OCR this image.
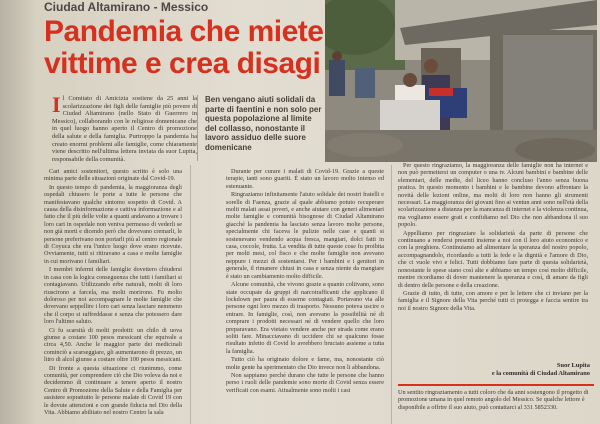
Ciudad Altamirano - Messico
Pandemia che miete vittime e crea disagi
I l Comitato di Amicizia sostiene da 25 anni la scolarizzazione dei figli delle famiglie più povere di Ciudad Altamirano (nello Stato di Guerrero in Messico), collaborando con le religiose domenicane che in quel luogo hanno aperto il Centro di promozione della salute e della famiglia. Purtroppo la pandemia ha creato enormi problemi alle famiglie, come chiaramente viene descritto nell'ultima lettera inviata da suor Lupita, responsabile della comunità.
Ben vengano aiuti solidali da parte di faentini e non solo per questa popolazione al limite del collasso, nonostante il lavoro assiduo delle suore domenicane

Cari amici sostenitori, questo scritto è solo una minima parte delle situazioni originate dal Covid-19.

In questo tempo di pandemia, la maggioranza degli ospedali chiusero le porte a tutte le persone che manifestavano qualche sintomo sospetto di Covid. A causa della disinformazione e cattiva informazione e al fatto che il più delle volte a quanti andavano a trovare i loro cari in ospedale non veniva permesso di vederli se non già morti e dicendo però che dovevano cremarli, le persone preferivano non portarli più al centro regionale di Coyuca che era l'unico luogo dove erano ricevute. Ovviamente, tutti si ritiravano a casa e molte famiglie in cui morivano i familiari.

I membri infermi delle famiglie dovettero chiudersi in casa con la logica conseguenza che tutti i familiari si contagiavano. Utilizzando erbe naturali, molti di loro riuscirono a farcela, ma molti morirono. Fu molto doloroso per noi accompagnare le molte famiglie che dovevano seppellire i loro cari senza lasciare nemmeno che il corpo si raffreddasse e senza che potessero dare loro l'ultimo saluto.

Ci fu scarsità di molti prodotti: un chilo di uova giunse a costare 100 pesos messicani che equivale a circa 4,50. Anche le maggior parte dei medicinali cominciò a scarseggiare, gli aumentarono di prezzo, un litro di alcol giunse a costare oltre 100 pesos messicani.

Di fronte a questa situazione ci riunimmo, come comunità, per comprendere ciò che Dio voleva da noi e decidemmo di continuare a tenere aperto il nostro Centro di Promozione della Salute e della Famiglia per assistere soprattutto le persone malate di Covid 19 con le dovute attenzioni e con grande fiducia nel Dio della Vita. Abbiamo abilitato nel nostro Centro la sala

Durante per curare i malati di Covid-19. Grazie a queste terapie, tanti sono guariti. È stato un lavoro molto intenso ed estenuante.

Ringraziamo infinitamente l'aiuto solidale dei nostri fratelli e sorelle di Faenza, grazie al quale abbiamo potuto recuperare molti malati assai poveri, e anche aiutare con generi alimentari molte famiglie e comunità bisognose di Ciudad Altamirano giacché la pandemia ha lasciato senza lavoro molte persone, specialmente chi faceva le pulizie nelle case e quanti si sostenevano vendendo acqua fresca, mangiari, dolci fatti in casa, coccole, frutta. La vendita di tutte queste cose fu proibita per molti mesi, col fisco e che molte famiglie non avevano neppure i mezzi di sostentarsi. Per i bambini e i genitori in generale, il rimanere chiusi in casa e senza niente da mangiare è stato un cambiamento molto difficile.

Alcune comunità, che vivono grazie a quanto coltivano, sono state occupate da gruppi di narcotrafficanti che applicano il lockdown per paura di esserne contagiati. Portavano via alle persone ogni loro mezzo di trasporto. Nessuno poteva uscire o entrare. In famiglie, così, non avevano la possibilità né di comprare i prodotti necessari né di vendere quello che loro preparavano. Era vietato vendere anche per strada come erano soliti fare. Minacciavano di uccidere chi se qualcuno fosse risultato infetto di Covid lo avrebbero bruciato assieme a tutta la famiglia.

Tutto ciò ha originato dolore e fame, ma, nonostante ciò molte gente ha sperimentato che Dio invece non li abbandona.

Non sappiamo perché durano che tutte le persone che hanno perso i ruoli delle pandemie sono morte di Covid senza essere verificati con esami. Attualmente sono molti i casi

Per questo ringraziamo, la maggioranza delle famiglie non ha internet e non può permettersi un computer o una tv. Alcuni bambini e bambine delle elementari, delle medie, del liceo hanno concluso l'anno senza buona pratica. In questo momento i bambini e le bambine devono affrontare la novità delle lezioni online, ma molti di loro non hanno gli strumenti necessari. La maggioranza dei giovani fino ai ventun anni sono nell'età della scolarizzazione a distanza per la mancanza di internet e la violenza continua, ma vogliamo essere grati e confidiamo nel Dio che non abbandona il suo popolo.

Appelliamo per ringraziare la solidarietà da parte di persone che continuano a rendersi presenti insieme a noi con il loro aiuto economico e con la preghiera. Continuiamo ad alimentare la speranza del nostro popolo, accompagnandolo, ricordando a tutti la fede e la dignità e l'amore di Dio, che ci vuole vivi e felici. Tutti dobbiamo fare parte di questa solidarietà, nonostante le spese siano così alte e abbiamo un tempo così molto difficile, mentre ricordiamo di dover mantenere la speranza e così, di amare da figli di dentro delle persone e della creazione.

Grazie di tutto, di tutte, con amore e per le lettere che ci inviano per la famiglia e il Signore della Vita perché tutti ci protegga e faccia sentire tra noi il nostro Signore della Vita.

Suor Lupita
e la comunità di Ciudad Altamirano
Un sentito ringraziamento a tutti coloro che da anni sostengono il progetto di promozione umana in quel remoto angolo del Messico. Se qualche lettore è disponibile a offrire il suo aiuto, può contattarci al 331 5852330.
